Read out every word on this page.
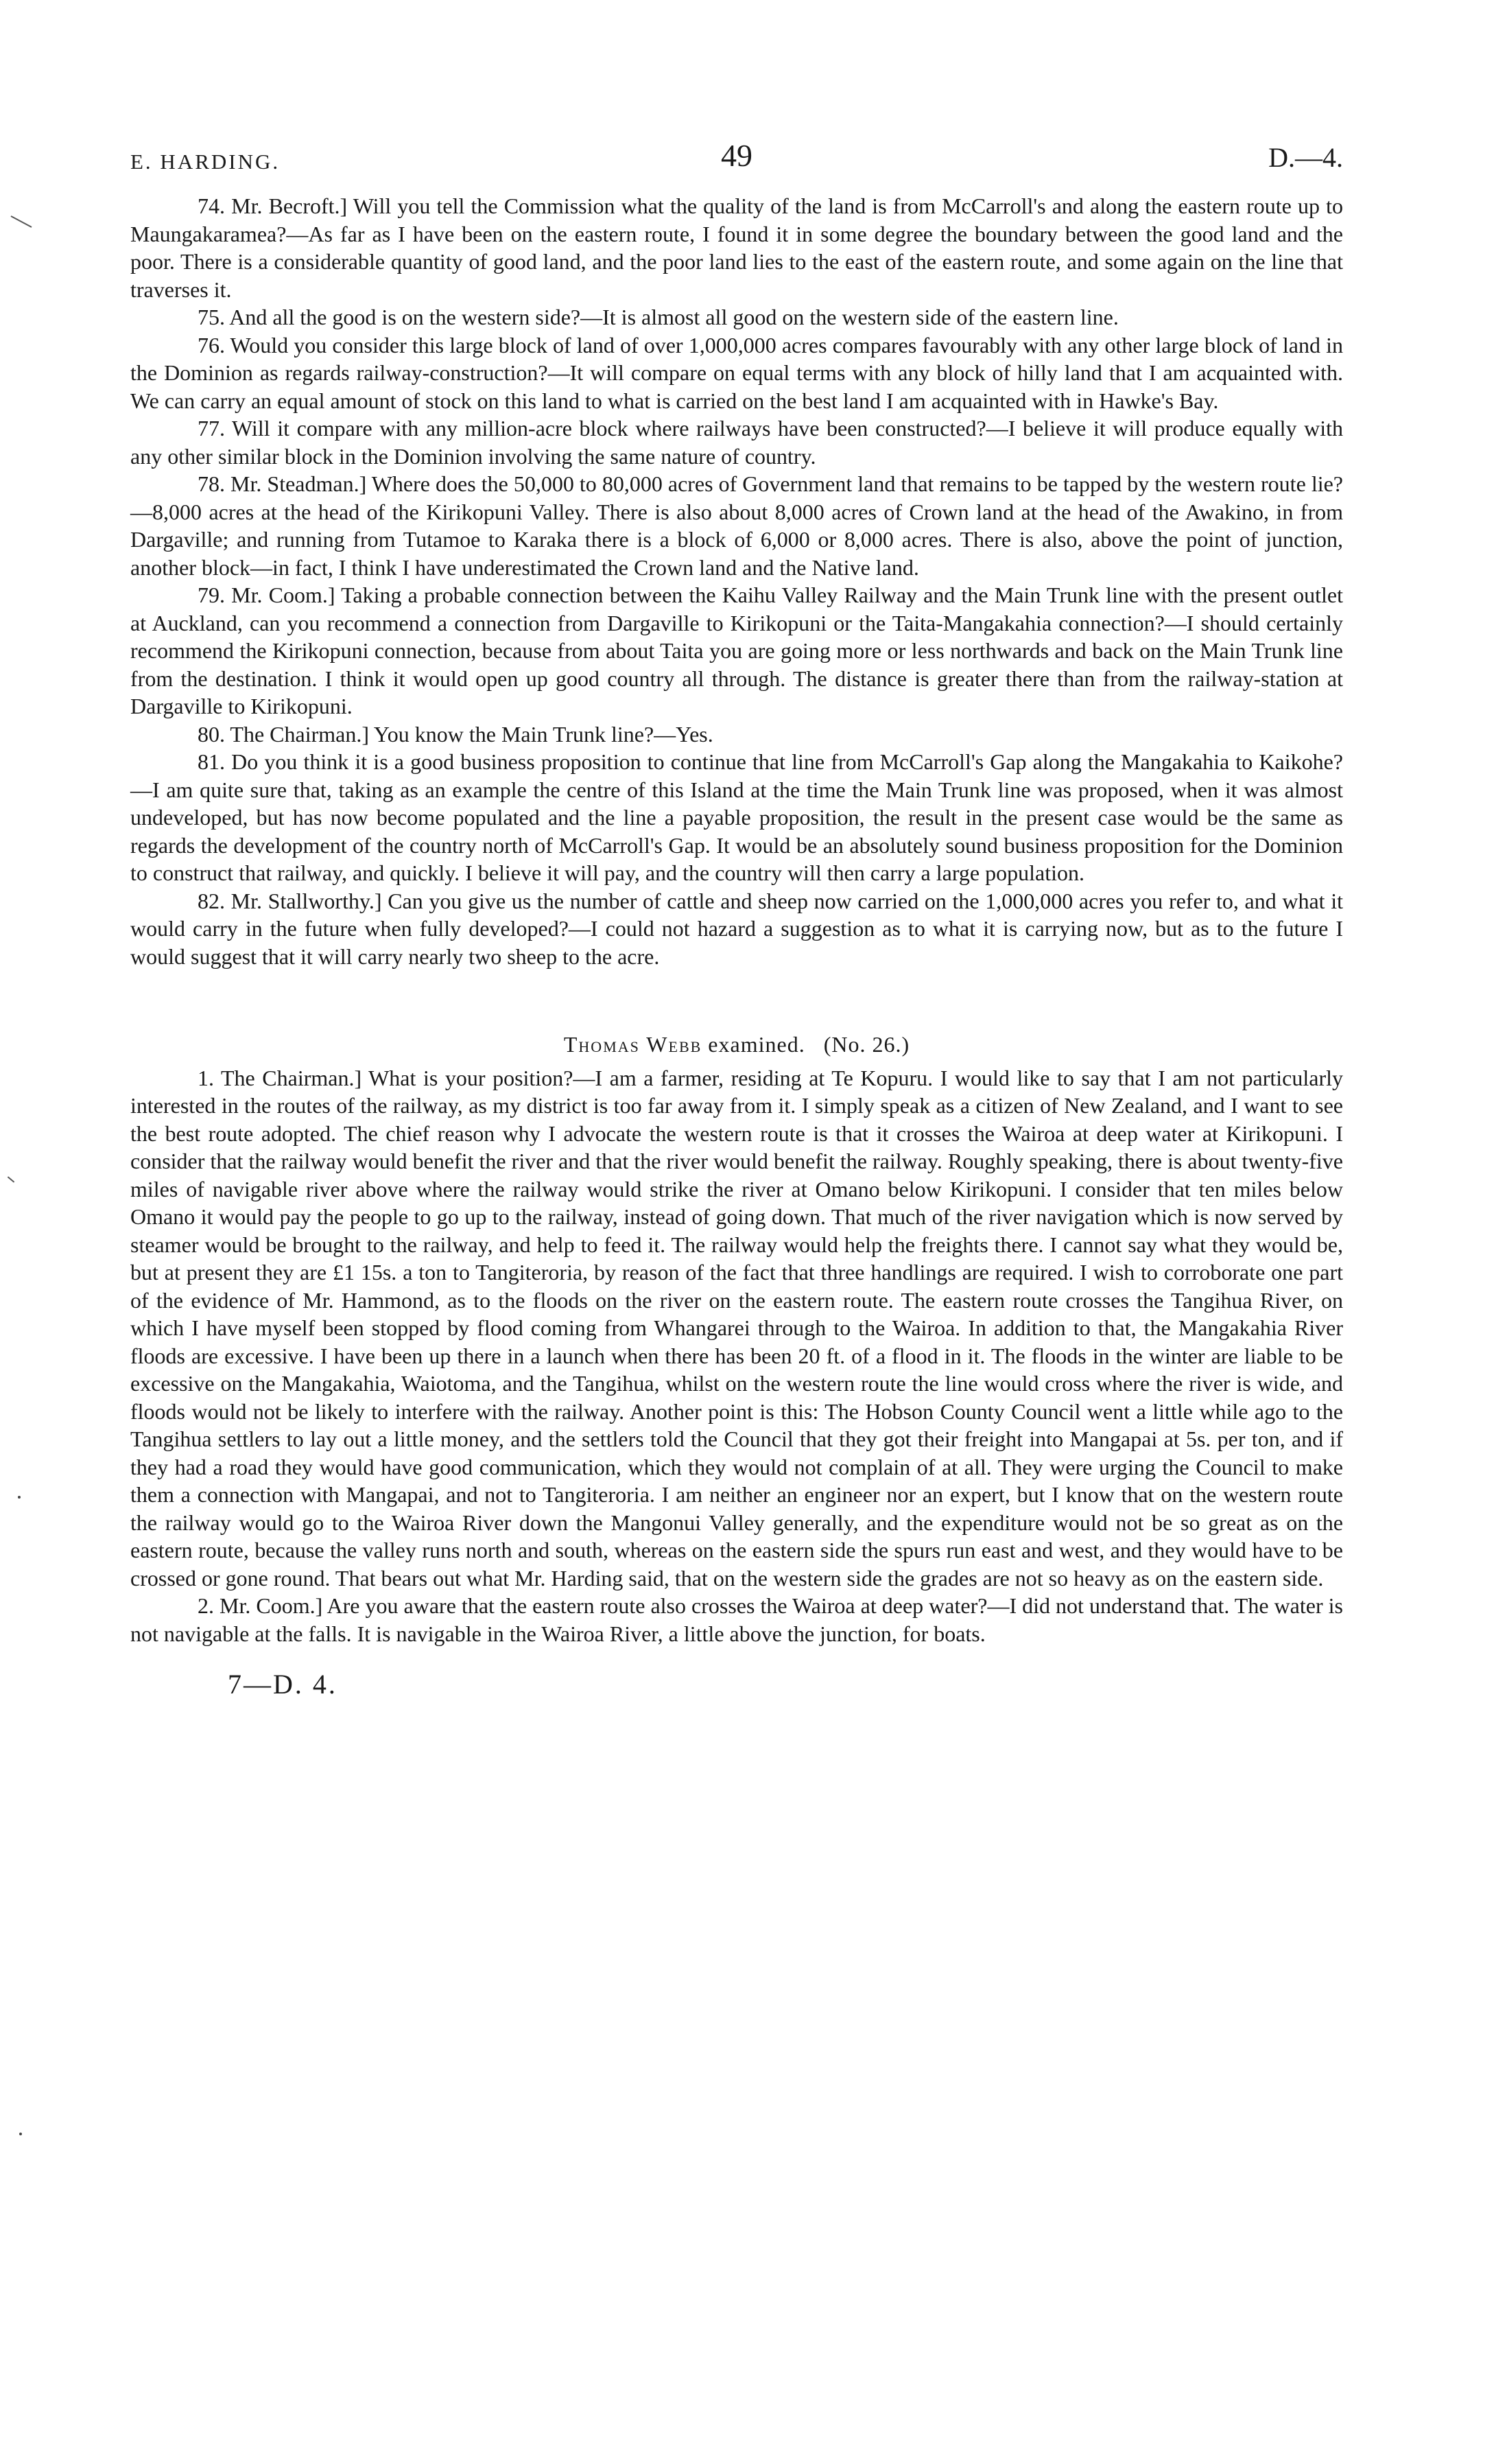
E. HARDING.	49	D.—4.

74. Mr. Becroft.] Will you tell the Commission what the quality of the land is from McCarroll's and along the eastern route up to Maungakaramea?—As far as I have been on the eastern route, I found it in some degree the boundary between the good land and the poor. There is a considerable quantity of good land, and the poor land lies to the east of the eastern route, and some again on the line that traverses it.

75. And all the good is on the western side?—It is almost all good on the western side of the eastern line.

76. Would you consider this large block of land of over 1,000,000 acres compares favourably with any other large block of land in the Dominion as regards railway-construction?—It will compare on equal terms with any block of hilly land that I am acquainted with. We can carry an equal amount of stock on this land to what is carried on the best land I am acquainted with in Hawke's Bay.

77. Will it compare with any million-acre block where railways have been constructed?—I believe it will produce equally with any other similar block in the Dominion involving the same nature of country.

78. Mr. Steadman.] Where does the 50,000 to 80,000 acres of Government land that remains to be tapped by the western route lie?—8,000 acres at the head of the Kirikopuni Valley. There is also about 8,000 acres of Crown land at the head of the Awakino, in from Dargaville; and running from Tutamoe to Karaka there is a block of 6,000 or 8,000 acres. There is also, above the point of junction, another block—in fact, I think I have underestimated the Crown land and the Native land.

79. Mr. Coom.] Taking a probable connection between the Kaihu Valley Railway and the Main Trunk line with the present outlet at Auckland, can you recommend a connection from Dargaville to Kirikopuni or the Taita-Mangakahia connection?—I should certainly recommend the Kirikopuni connection, because from about Taita you are going more or less northwards and back on the Main Trunk line from the destination. I think it would open up good country all through. The distance is greater there than from the railway-station at Dargaville to Kirikopuni.

80. The Chairman.] You know the Main Trunk line?—Yes.

81. Do you think it is a good business proposition to continue that line from McCarroll's Gap along the Mangakahia to Kaikohe?—I am quite sure that, taking as an example the centre of this Island at the time the Main Trunk line was proposed, when it was almost undeveloped, but has now become populated and the line a payable proposition, the result in the present case would be the same as regards the development of the country north of McCarroll's Gap. It would be an absolutely sound business proposition for the Dominion to construct that railway, and quickly. I believe it will pay, and the country will then carry a large population.

82. Mr. Stallworthy.] Can you give us the number of cattle and sheep now carried on the 1,000,000 acres you refer to, and what it would carry in the future when fully developed?—I could not hazard a suggestion as to what it is carrying now, but as to the future I would suggest that it will carry nearly two sheep to the acre.

Thomas Webb examined. (No. 26.)

1. The Chairman.] What is your position?—I am a farmer, residing at Te Kopuru. I would like to say that I am not particularly interested in the routes of the railway, as my district is too far away from it. I simply speak as a citizen of New Zealand, and I want to see the best route adopted. The chief reason why I advocate the western route is that it crosses the Wairoa at deep water at Kirikopuni. I consider that the railway would benefit the river and that the river would benefit the railway. Roughly speaking, there is about twenty-five miles of navigable river above where the railway would strike the river at Omano below Kirikopuni. I consider that ten miles below Omano it would pay the people to go up to the railway, instead of going down. That much of the river navigation which is now served by steamer would be brought to the railway, and help to feed it. The railway would help the freights there. I cannot say what they would be, but at present they are £1 15s. a ton to Tangiteroria, by reason of the fact that three handlings are required. I wish to corroborate one part of the evidence of Mr. Hammond, as to the floods on the river on the eastern route. The eastern route crosses the Tangihua River, on which I have myself been stopped by flood coming from Whangarei through to the Wairoa. In addition to that, the Mangakahia River floods are excessive. I have been up there in a launch when there has been 20 ft. of a flood in it. The floods in the winter are liable to be excessive on the Mangakahia, Waiotoma, and the Tangihua, whilst on the western route the line would cross where the river is wide, and floods would not be likely to interfere with the railway. Another point is this: The Hobson County Council went a little while ago to the Tangihua settlers to lay out a little money, and the settlers told the Council that they got their freight into Mangapai at 5s. per ton, and if they had a road they would have good communication, which they would not complain of at all. They were urging the Council to make them a connection with Mangapai, and not to Tangiteroria. I am neither an engineer nor an expert, but I know that on the western route the railway would go to the Wairoa River down the Mangonui Valley generally, and the expenditure would not be so great as on the eastern route, because the valley runs north and south, whereas on the eastern side the spurs run east and west, and they would have to be crossed or gone round. That bears out what Mr. Harding said, that on the western side the grades are not so heavy as on the eastern side.

2. Mr. Coom.] Are you aware that the eastern route also crosses the Wairoa at deep water?—I did not understand that. The water is not navigable at the falls. It is navigable in the Wairoa River, a little above the junction, for boats.

7—D. 4.
